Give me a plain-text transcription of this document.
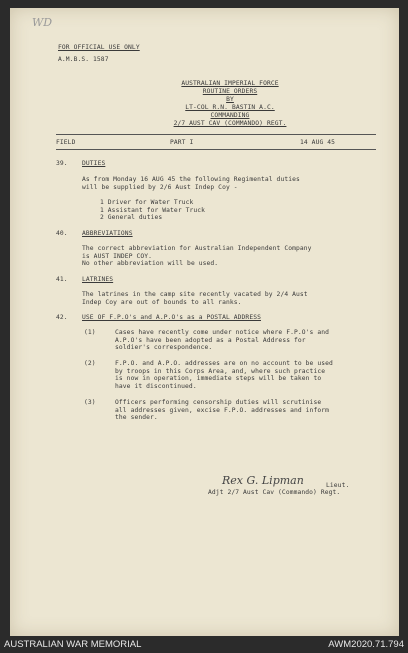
WD
FOR OFFICIAL USE ONLY
A.M.B.S. 1587
AUSTRALIAN IMPERIAL FORCE
ROUTINE ORDERS
BY
LT-COL R.N. BASTIN A.C.
COMMANDING
2/7 AUST CAV (COMMANDO) REGT.
FIELD	PART I	14 AUG 45
39. DUTIES
As from Monday 16 AUG 45 the following Regimental duties
will be supplied by 2/6 Aust Indep Coy -
1 Driver for Water Truck
1 Assistant for Water Truck
2 General duties
40. ABBREVIATIONS
The correct abbreviation for Australian Independent Company
is AUST INDEP COY.
No other abbreviation will be used.
41. LATRINES
The latrines in the camp site recently vacated by 2/4 Aust
Indep Coy are out of bounds to all ranks.
42. USE OF F.P.O's and A.P.O's as a POSTAL ADDRESS
(1)	Cases have recently come under notice where F.P.O's and
A.P.O's have been adopted as a Postal Address for
soldier's correspondence.
(2)	F.P.O. and A.P.O. addresses are on no account to be used
by troops in this Corps Area, and, where such practice
is now in operation, immediate steps will be taken to
have it discontinued.
(3)	Officers performing censorship duties will scrutinise
all addresses given, excise F.P.O. addresses and inform
the sender.
Rex G. Lipman	Lieut.
Adjt 2/7 Aust Cav (Commando) Regt.
AUSTRALIAN WAR MEMORIAL	AWM2020.71.794
